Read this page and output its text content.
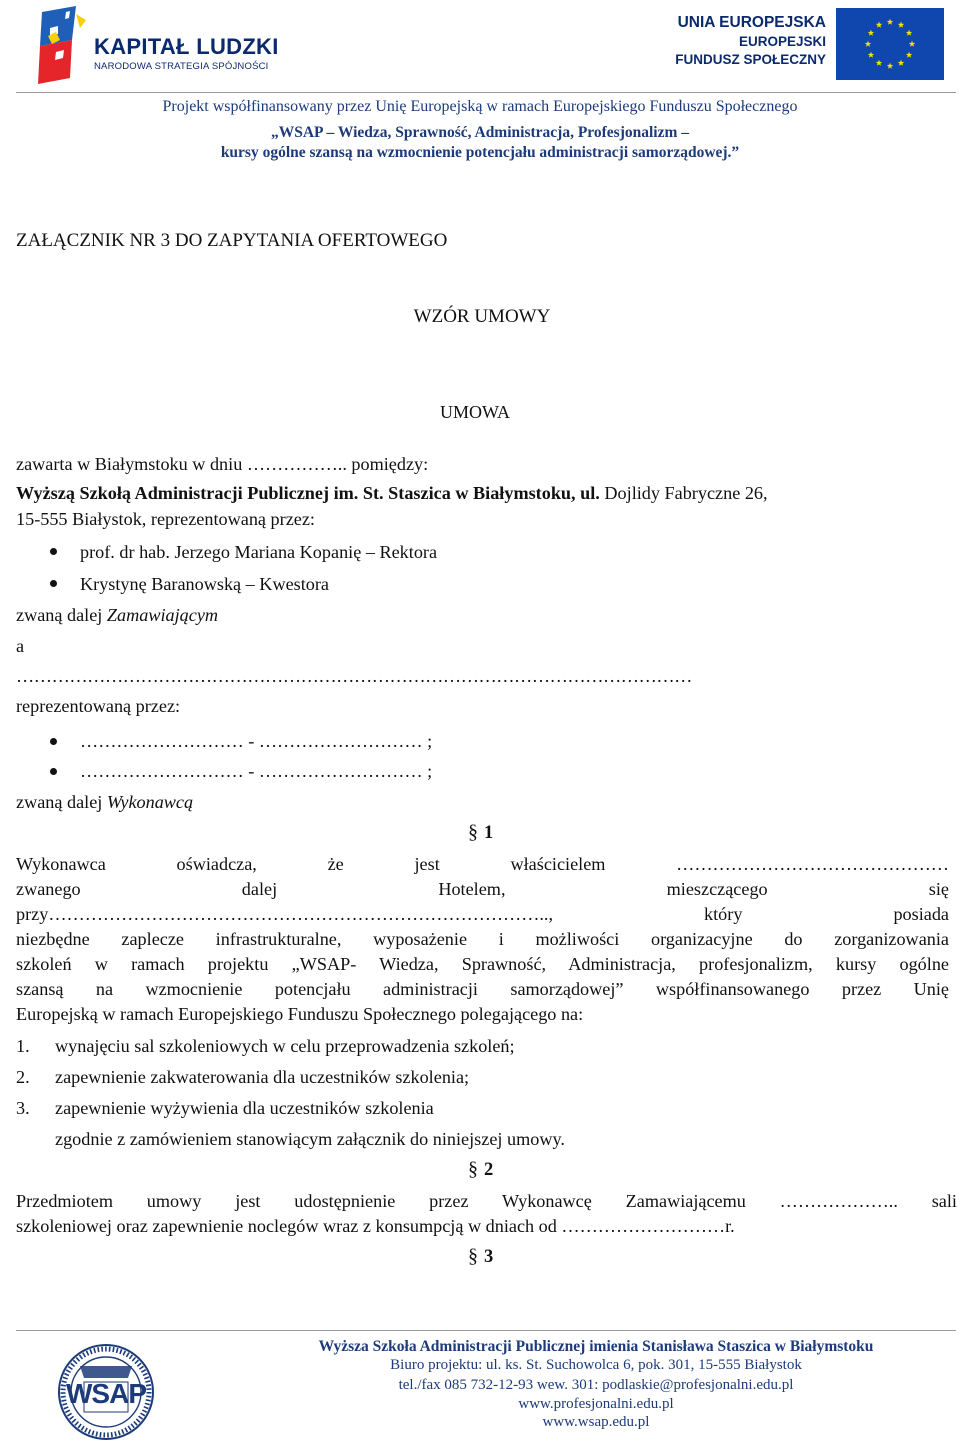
KAPITAŁ LUDZKI
NARODOWA STRATEGIA SPÓJNOŚCI
UNIA EUROPEJSKA
EUROPEJSKI
FUNDUSZ SPOŁECZNY
Projekt współfinansowany przez Unię Europejską w ramach Europejskiego Funduszu Społecznego
„WSAP – Wiedza, Sprawność, Administracja, Profesjonalizm –
kursy ogólne szansą na wzmocnienie potencjału administracji samorządowej.”
ZAŁĄCZNIK NR 3 DO ZAPYTANIA OFERTOWEGO
WZÓR UMOWY
UMOWA
zawarta w Białymstoku w dniu …………….. pomiędzy:
Wyższą Szkołą Administracji Publicznej im. St. Staszica w Białymstoku, ul. Dojlidy Fabryczne 26,
15-555 Białystok, reprezentowaną przez:
prof. dr hab. Jerzego Mariana Kopanię – Rektora
Krystynę Baranowską – Kwestora
zwaną dalej Zamawiającym
a
……………………………………………………………………………………………………
reprezentowaną przez:
……………………… - ……………………… ;
……………………… - ……………………… ;
zwaną dalej Wykonawcą
§ 1
Wykonawca oświadcza, że jest właścicielem ………………………………………
zwanego dalej Hotelem, mieszczącego się
przy……………………………………………………………………….., który posiada
niezbędne zaplecze infrastrukturalne, wyposażenie i możliwości organizacyjne do zorganizowania
szkoleń w ramach projektu „WSAP- Wiedza, Sprawność, Administracja, profesjonalizm, kursy ogólne
szansą na wzmocnienie potencjału administracji samorządowej” współfinansowanego przez Unię
Europejską w ramach Europejskiego Funduszu Społecznego polegającego na:
1. wynajęciu sal szkoleniowych w celu przeprowadzenia szkoleń;
2. zapewnienie zakwaterowania dla uczestników szkolenia;
3. zapewnienie wyżywienia dla uczestników szkolenia
zgodnie z zamówieniem stanowiącym załącznik do niniejszej umowy.
§ 2
Przedmiotem umowy jest udostępnienie przez Wykonawcę Zamawiającemu ……………….. sali
szkoleniowej oraz zapewnienie noclegów wraz z konsumpcją w dniach od ………………………r.
§ 3
WSAP
Wyższa Szkoła Administracji Publicznej imienia Stanisława Staszica w Białymstoku
Biuro projektu: ul. ks. St. Suchowolca 6, pok. 301, 15-555 Białystok
tel./fax 085 732-12-93 wew. 301: podlaskie@profesjonalni.edu.pl
www.profesjonalni.edu.pl
www.wsap.edu.pl
